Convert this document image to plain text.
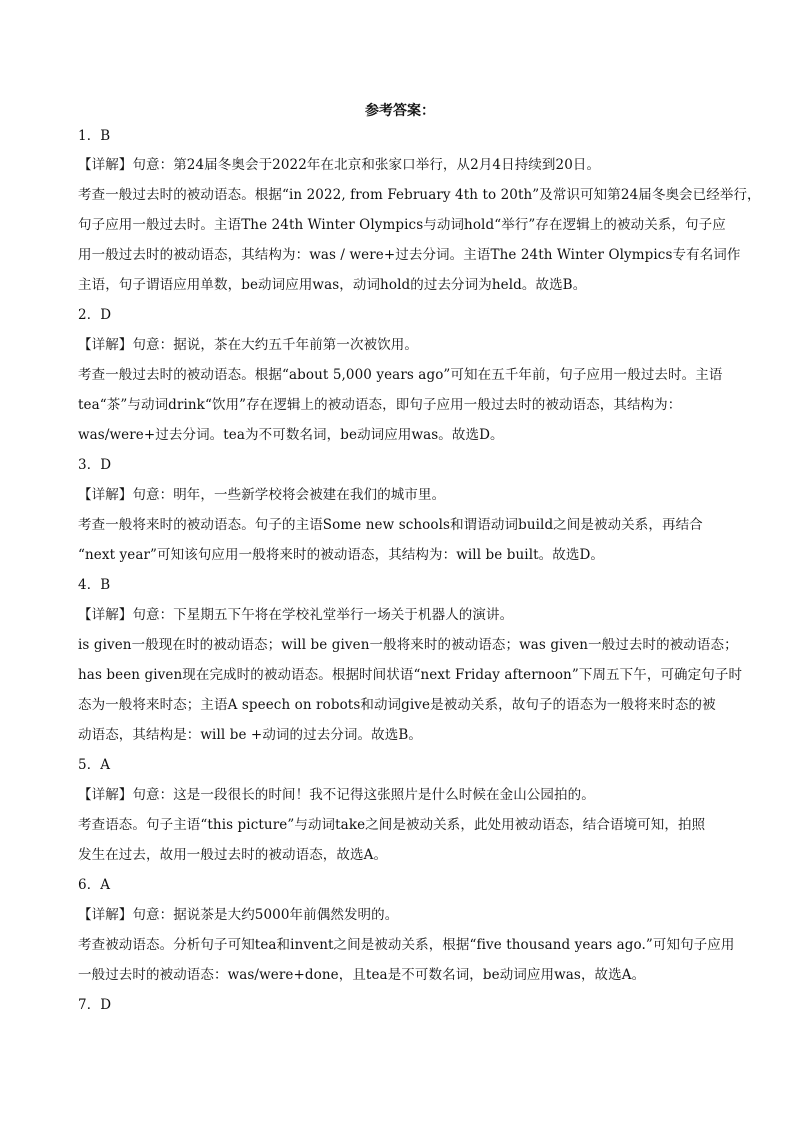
参考答案：
1．B
【详解】句意：第24届冬奥会于2022年在北京和张家口举行，从2月4日持续到20日。
考查一般过去时的被动语态。根据“in 2022, from February 4th to 20th”及常识可知第24届冬奥会已经举行，
句子应用一般过去时。主语The 24th Winter Olympics与动词hold“举行”存在逻辑上的被动关系，句子应
用一般过去时的被动语态，其结构为：was / were+过去分词。主语The 24th Winter Olympics专有名词作
主语，句子谓语应用单数，be动词应用was，动词hold的过去分词为held。故选B。
2．D
【详解】句意：据说，茶在大约五千年前第一次被饮用。
考查一般过去时的被动语态。根据“about 5,000 years ago”可知在五千年前，句子应用一般过去时。主语
tea“茶”与动词drink“饮用”存在逻辑上的被动语态，即句子应用一般过去时的被动语态，其结构为：
was/were+过去分词。tea为不可数名词，be动词应用was。故选D。
3．D
【详解】句意：明年，一些新学校将会被建在我们的城市里。
考查一般将来时的被动语态。句子的主语Some new schools和谓语动词build之间是被动关系，再结合
“next year”可知该句应用一般将来时的被动语态，其结构为：will be built。故选D。
4．B
【详解】句意：下星期五下午将在学校礼堂举行一场关于机器人的演讲。
is given一般现在时的被动语态；will be given一般将来时的被动语态；was given一般过去时的被动语态；
has been given现在完成时的被动语态。根据时间状语“next Friday afternoon”下周五下午，可确定句子时
态为一般将来时态；主语A speech on robots和动词give是被动关系，故句子的语态为一般将来时态的被
动语态，其结构是：will be +动词的过去分词。故选B。
5．A
【详解】句意：这是一段很长的时间！我不记得这张照片是什么时候在金山公园拍的。
考查语态。句子主语“this picture”与动词take之间是被动关系，此处用被动语态，结合语境可知，拍照
发生在过去，故用一般过去时的被动语态，故选A。
6．A
【详解】句意：据说茶是大约5000年前偶然发明的。
考查被动语态。分析句子可知tea和invent之间是被动关系，根据“five thousand years ago.”可知句子应用
一般过去时的被动语态：was/were+done，且tea是不可数名词，be动词应用was，故选A。
7．D
